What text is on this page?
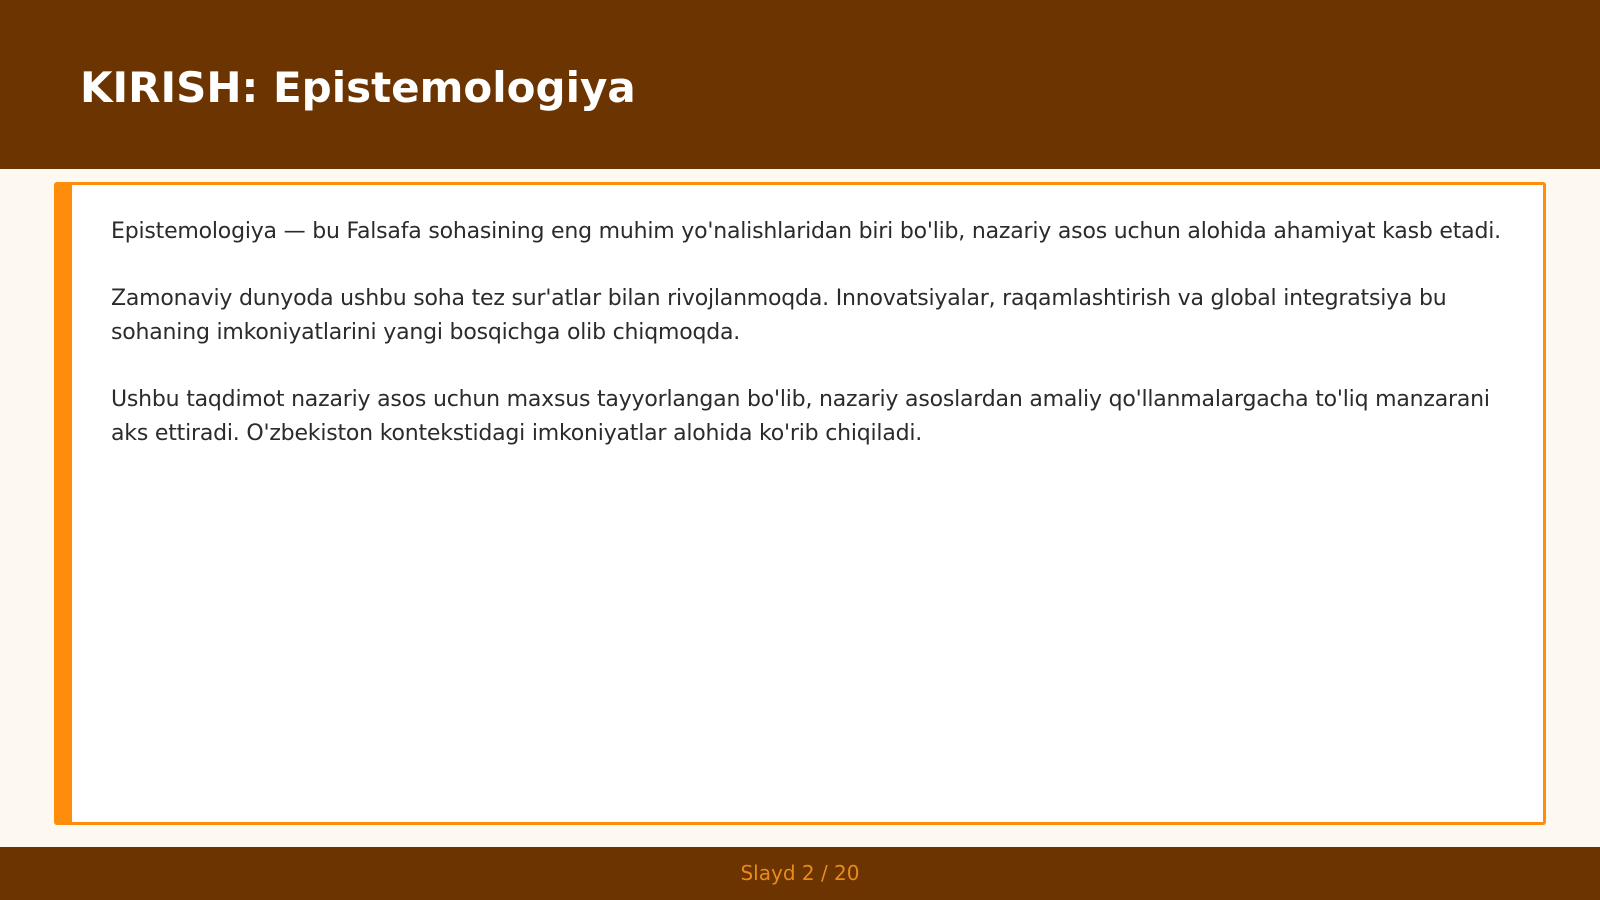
KIRISH: Epistemologiya

Epistemologiya — bu Falsafa sohasining eng muhim yo'nalishlaridan biri bo'lib, nazariy asos uchun alohida ahamiyat kasb etadi.

Zamonaviy dunyoda ushbu soha tez sur'atlar bilan rivojlanmoqda. Innovatsiyalar, raqamlashtirish va global integratsiya bu sohaning imkoniyatlarini yangi bosqichga olib chiqmoqda.

Ushbu taqdimot nazariy asos uchun maxsus tayyorlangan bo'lib, nazariy asoslardan amaliy qo'llanmalargacha to'liq manzarani aks ettiradi. O'zbekiston kontekstidagi imkoniyatlar alohida ko'rib chiqiladi.

Slayd 2 / 20
